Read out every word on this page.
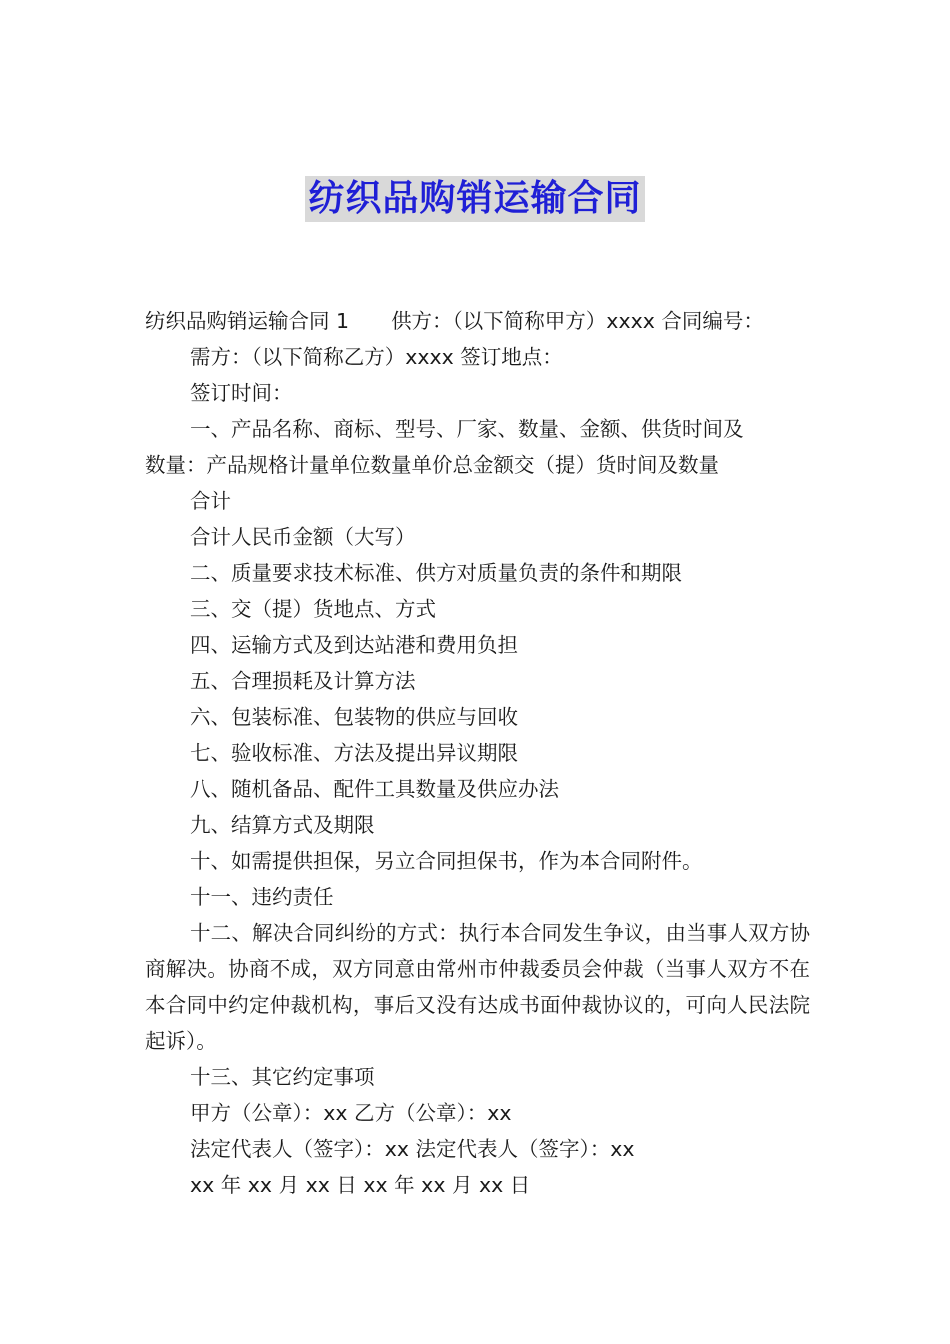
纺织品购销运输合同
纺织品购销运输合同 1 供方：（以下简称甲方）xxxx 合同编号：
需方：（以下简称乙方）xxxx 签订地点：
签订时间：
一、产品名称、商标、型号、厂家、数量、金额、供货时间及
数量：产品规格计量单位数量单价总金额交（提）货时间及数量
合计
合计人民币金额（大写）
二、质量要求技术标准、供方对质量负责的条件和期限
三、交（提）货地点、方式
四、运输方式及到达站港和费用负担
五、合理损耗及计算方法
六、包装标准、包装物的供应与回收
七、验收标准、方法及提出异议期限
八、随机备品、配件工具数量及供应办法
九、结算方式及期限
十、如需提供担保，另立合同担保书，作为本合同附件。
十一、违约责任
十二、解决合同纠纷的方式：执行本合同发生争议，由当事人双方协商解决。协商不成，双方同意由常州市仲裁委员会仲裁（当事人双方不在本合同中约定仲裁机构，事后又没有达成书面仲裁协议的，可向人民法院起诉）。
十三、其它约定事项
甲方（公章）：xx 乙方（公章）：xx
法定代表人（签字）：xx 法定代表人（签字）：xx
xx 年 xx 月 xx 日 xx 年 xx 月 xx 日
